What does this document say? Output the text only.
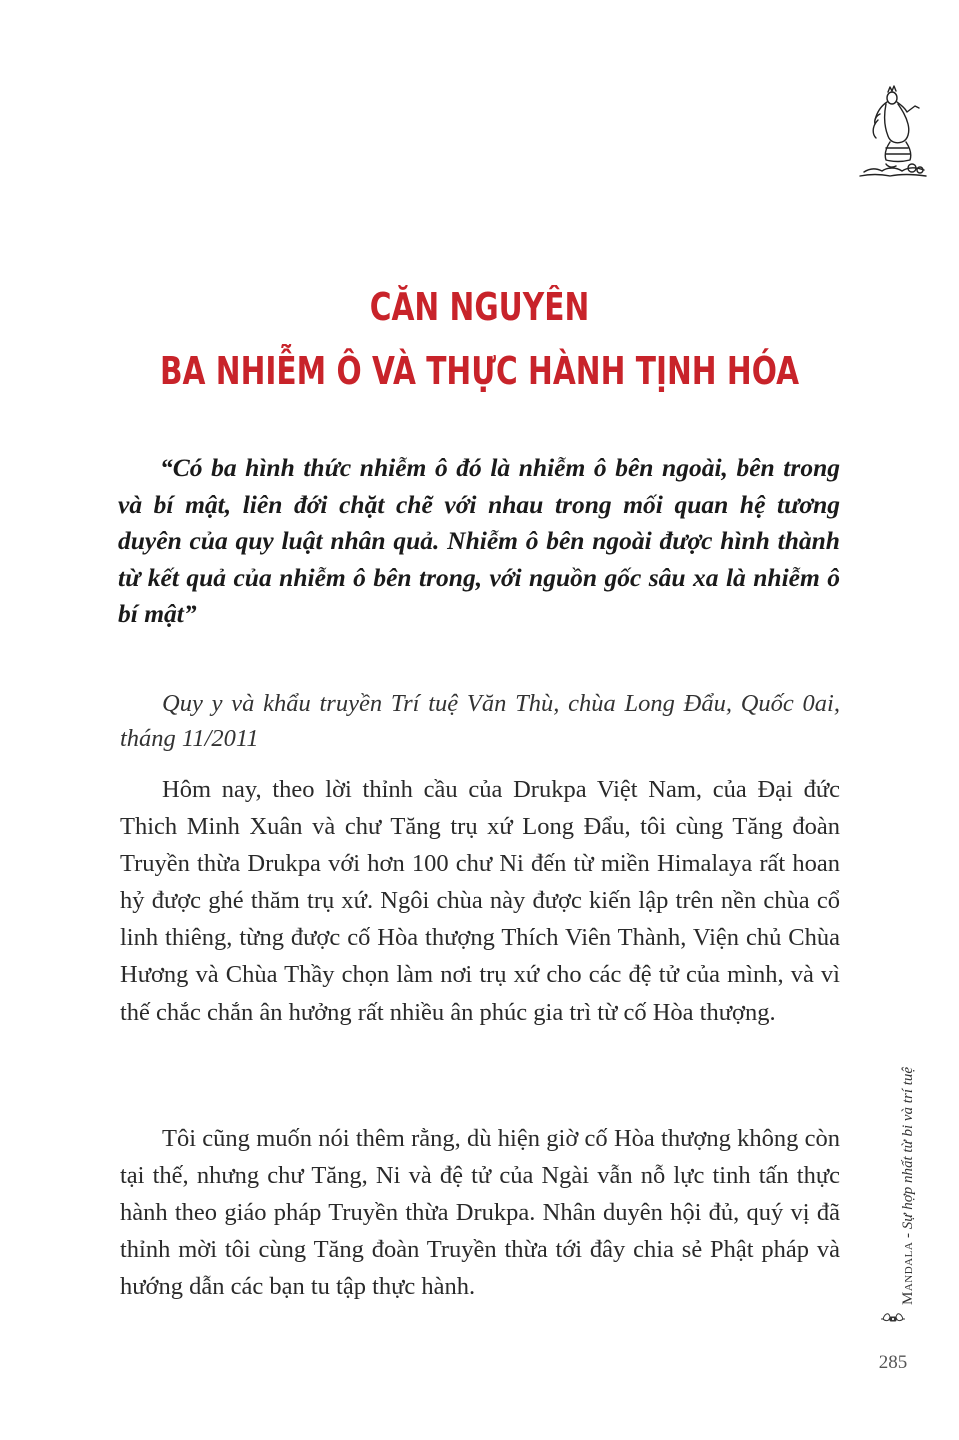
CĂN NGUYÊN
BA NHIỄM Ô VÀ THỰC HÀNH TỊNH HÓA

“Có ba hình thức nhiễm ô đó là nhiễm ô bên ngoài, bên trong và bí mật, liên đới chặt chẽ với nhau trong mối quan hệ tương duyên của quy luật nhân quả. Nhiễm ô bên ngoài được hình thành từ kết quả của nhiễm ô bên trong, với nguồn gốc sâu xa là nhiễm ô bí mật”

Quy y và khẩu truyền Trí tuệ Văn Thù, chùa Long Đẩu, Quốc 0ai, tháng 11/2011

Hôm nay, theo lời thỉnh cầu của Drukpa Việt Nam, của Đại đức Thich Minh Xuân và chư Tăng trụ xứ Long Đẩu, tôi cùng Tăng đoàn Truyền thừa Drukpa với hơn 100 chư Ni đến từ miền Himalaya rất hoan hỷ được ghé thăm trụ xứ. Ngôi chùa này được kiến lập trên nền chùa cổ linh thiêng, từng được cố Hòa thượng Thích Viên Thành, Viện chủ Chùa Hương và Chùa Thầy chọn làm nơi trụ xứ cho các đệ tử của mình, và vì thế chắc chắn ân hưởng rất nhiều ân phúc gia trì từ cố Hòa thượng.

Tôi cũng muốn nói thêm rằng, dù hiện giờ cố Hòa thượng không còn tại thế, nhưng chư Tăng, Ni và đệ tử của Ngài vẫn nỗ lực tinh tấn thực hành theo giáo pháp Truyền thừa Drukpa. Nhân duyên hội đủ, quý vị đã thỉnh mời tôi cùng Tăng đoàn Truyền thừa tới đây chia sẻ Phật pháp và hướng dẫn các bạn tu tập thực hành.	Mandala - Sự hợp nhất từ bi và trí tuệ
285
